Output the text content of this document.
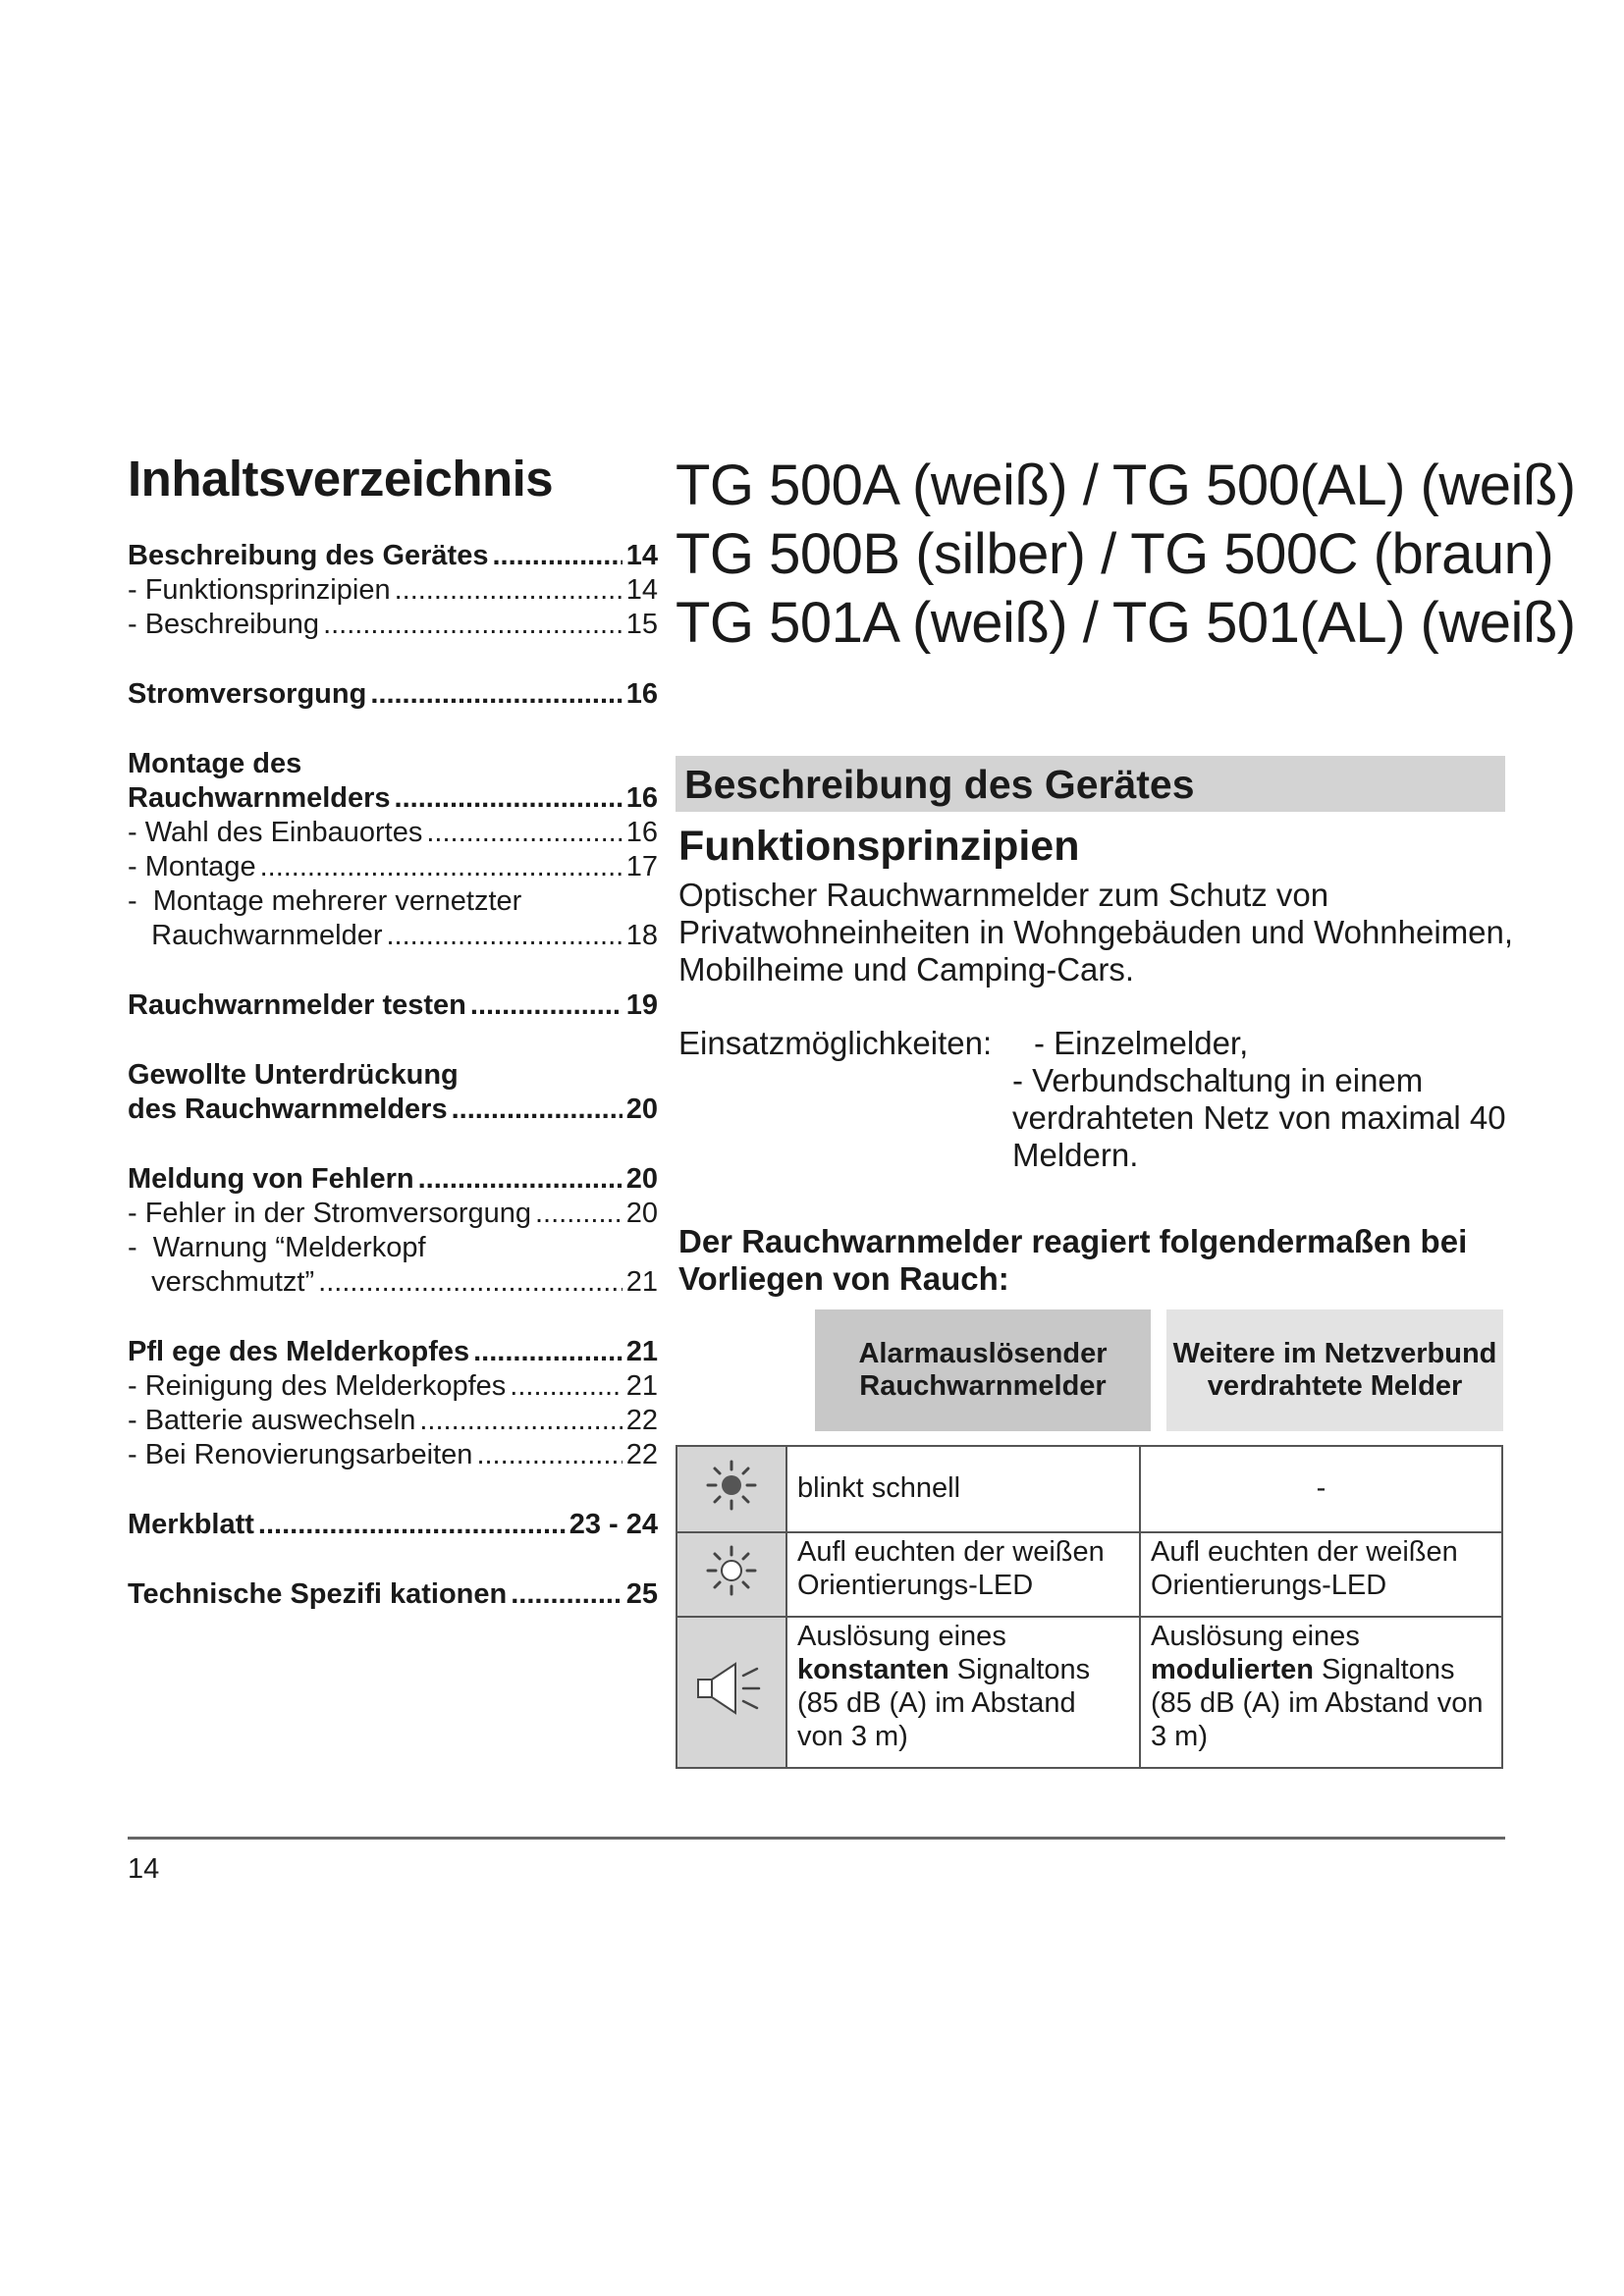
Inhaltsverzeichnis
Beschreibung des Gerätes .....	14
- Funktionsprinzipien .....	14
- Beschreibung .....	15
Stromversorgung .....	16
Montage des
Rauchwarnmelders .....	16
- Wahl des Einbauortes .....	16
- Montage .....	17
-  Montage mehrerer vernetzter
Rauchwarnmelder .....	18
Rauchwarnmelder testen .....	19
Gewollte Unterdrückung
des Rauchwarnmelders .....	20
Meldung von Fehlern .....	20
- Fehler in der Stromversorgung .....	20
-  Warnung “Melderkopf
verschmutzt” .....	21
Pfl ege des Melderkopfes .....	21
- Reinigung des Melderkopfes .....	21
- Batterie auswechseln .....	22
- Bei Renovierungsarbeiten .....	22
Merkblatt .....	23 - 24
Technische Spezifi kationen .....	25
TG 500A (weiß) / TG 500(AL) (weiß)
TG 500B (silber) / TG 500C (braun)
TG 501A (weiß) / TG 501(AL) (weiß)
Beschreibung des Gerätes
Funktionsprinzipien

Optischer Rauchwarnmelder zum Schutz von Privatwohneinheiten in Wohngebäuden und Wohnheimen, Mobilheime und Camping-Cars.

Einsatzmöglichkeiten: - Einzelmelder,
- Verbundschaltung in einem verdrahteten Netz von maximal 40 Meldern.

Der Rauchwarnmelder reagiert folgendermaßen bei Vorliegen von Rauch:

Alarmauslösender Rauchwarnmelder
Weitere im Netzverbund verdrahtete Melder
	blinkt schnell	-
	Aufl euchten der weißen Orientierungs-LED	Aufl euchten der weißen Orientierungs-LED
	Auslösung eines
konstanten Signaltons (85 dB (A) im Abstand von 3 m)	Auslösung eines
modulierten Signaltons (85 dB (A) im Abstand von 3 m)
14
